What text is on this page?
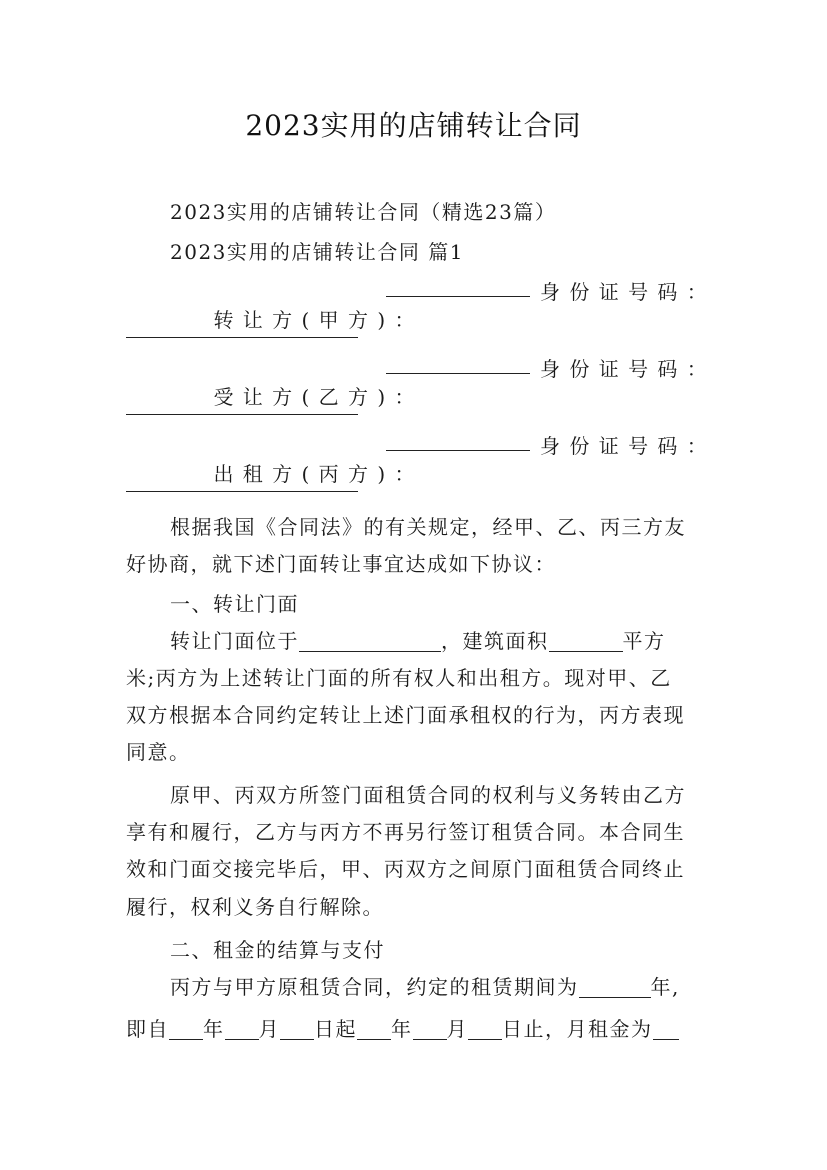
2023实用的店铺转让合同
2023实用的店铺转让合同（精选23篇）
2023实用的店铺转让合同 篇1

转 让 方 ( 甲 方 ) ：

身 份 证 号 码 ：

受 让 方 ( 乙 方 ) ：

身 份 证 号 码 ：

出 租 方 ( 丙 方 ) ：

身 份 证 号 码 ：
根据我国《合同法》的有关规定，经甲、乙、丙三方友
好协商，就下述门面转让事宜达成如下协议：
一、转让门面
转让门面位于	，建筑面积	平方
米;丙方为上述转让门面的所有权人和出租方。现对甲、乙
双方根据本合同约定转让上述门面承租权的行为，丙方表现
同意。
原甲、丙双方所签门面租赁合同的权利与义务转由乙方
享有和履行，乙方与丙方不再另行签订租赁合同。本合同生
效和门面交接完毕后，甲、丙双方之间原门面租赁合同终止
履行，权利义务自行解除。
二、租金的结算与支付
丙方与甲方原租赁合同，约定的租赁期间为	年,
即自 年 月 日起 年 月 日止，月租金为
